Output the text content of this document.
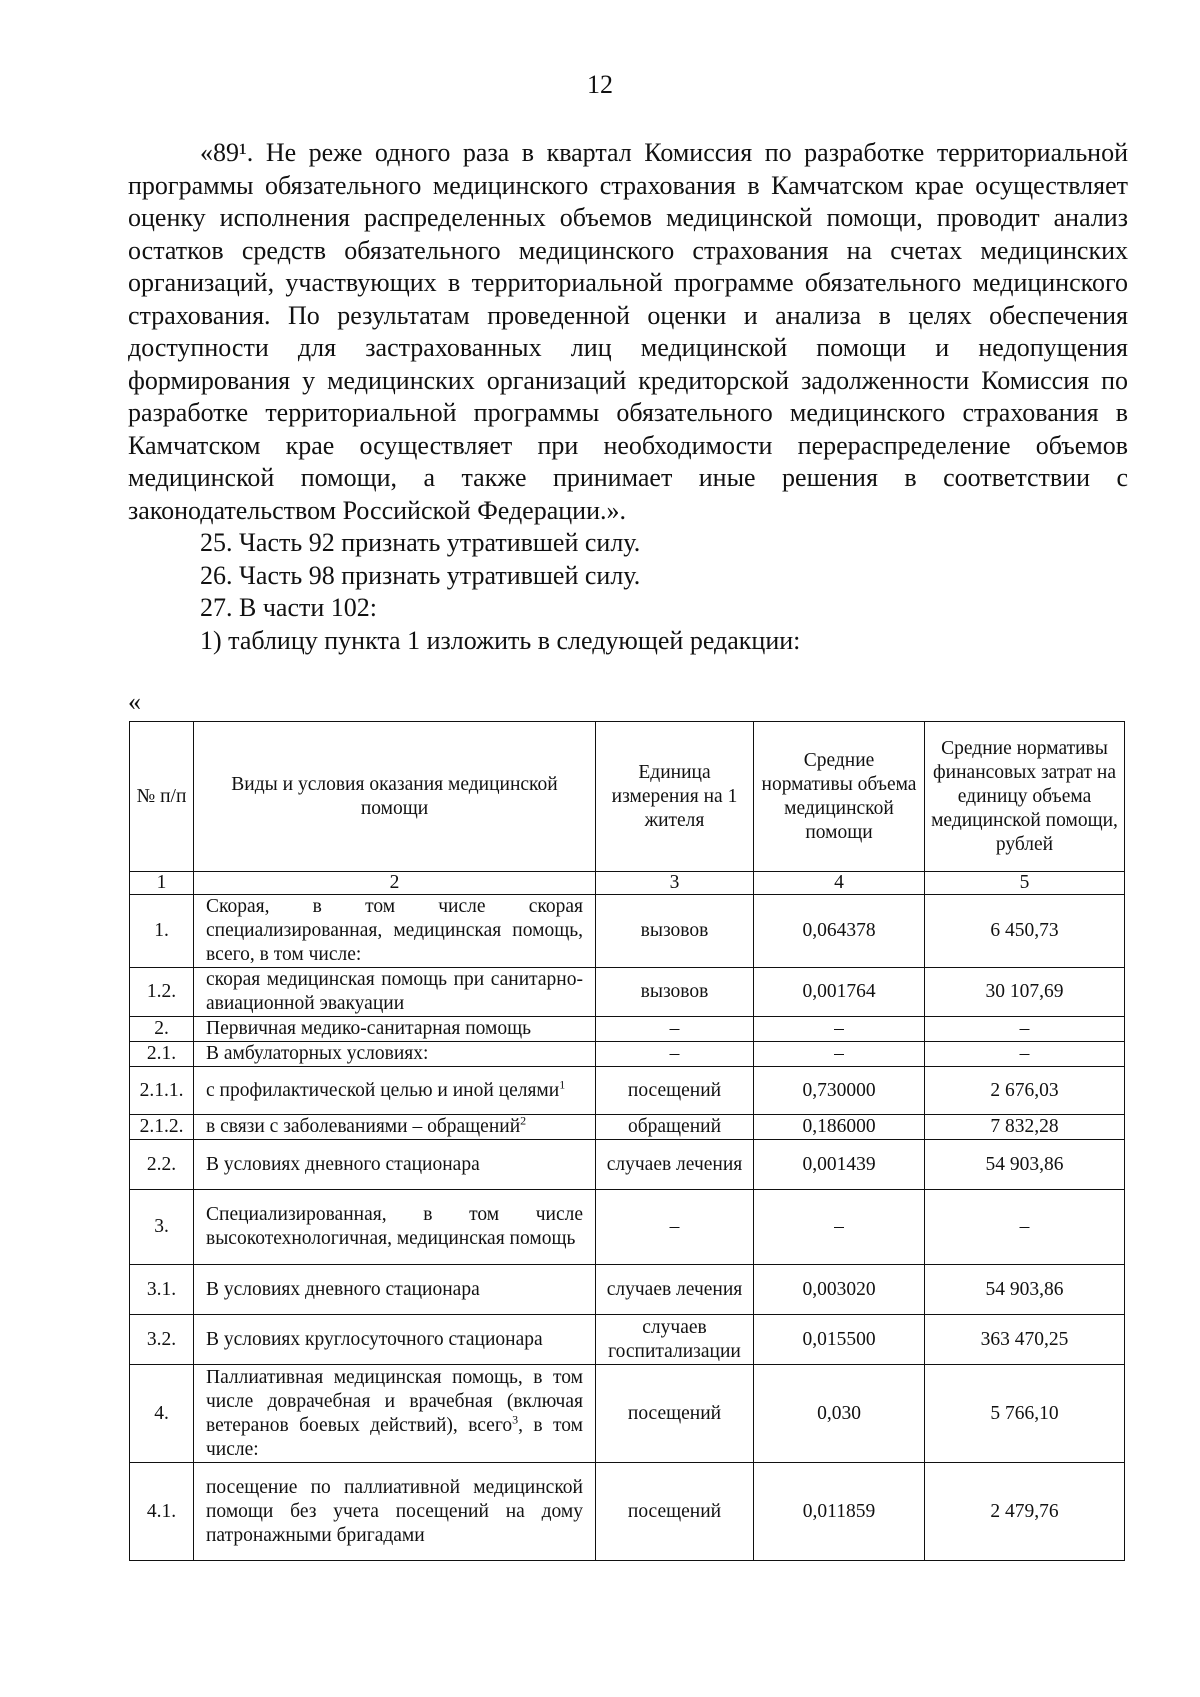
12

«89¹. Не реже одного раза в квартал Комиссия по разработке территориальной программы обязательного медицинского страхования в Камчатском крае осуществляет оценку исполнения распределенных объемов медицинской помощи, проводит анализ остатков средств обязательного медицинского страхования на счетах медицинских организаций, участвующих в территориальной программе обязательного медицинского страхования. По результатам проведенной оценки и анализа в целях обеспечения доступности для застрахованных лиц медицинской помощи и недопущения формирования у медицинских организаций кредиторской задолженности Комиссия по разработке территориальной программы обязательного медицинского страхования в Камчатском крае осуществляет при необходимости перераспределение объемов медицинской помощи, а также принимает иные решения в соответствии с законодательством Российской Федерации.».

25. Часть 92 признать утратившей силу.

26. Часть 98 признать утратившей силу.

27. В части 102:

1) таблицу пункта 1 изложить в следующей редакции:

«

№ п/п	Виды и условия оказания медицинской помощи	Единица измерения на 1 жителя	Средние нормативы объема медицинской помощи	Средние нормативы финансовых затрат на единицу объема медицинской помощи, рублей
1	2	3	4	5
1.	Скорая, в том числе скорая специализированная, медицинская помощь, всего, в том числе:	вызовов	0,064378	6 450,73
1.2.	скорая медицинская помощь при санитарно-авиационной эвакуации	вызовов	0,001764	30 107,69
2.	Первичная медико-санитарная помощь	–	–	–
2.1.	В амбулаторных условиях:	–	–	–
2.1.1.	с профилактической целью и иной целями$^1$	посещений	0,730000	2 676,03
2.1.2.	в связи с заболеваниями – обращений$^2$	обращений	0,186000	7 832,28
2.2.	В условиях дневного стационара	случаев лечения	0,001439	54 903,86
3.	Специализированная, в том числе высокотехнологичная, медицинская помощь	–	–	–
3.1.	В условиях дневного стационара	случаев лечения	0,003020	54 903,86
3.2.	В условиях круглосуточного стационара	случаев госпитализации	0,015500	363 470,25
4.	Паллиативная медицинская помощь, в том числе доврачебная и врачебная (включая ветеранов боевых действий), всего$^3$, в том числе:	посещений	0,030	5 766,10
4.1.	посещение по паллиативной медицинской помощи без учета посещений на дому патронажными бригадами	посещений	0,011859	2 479,76
